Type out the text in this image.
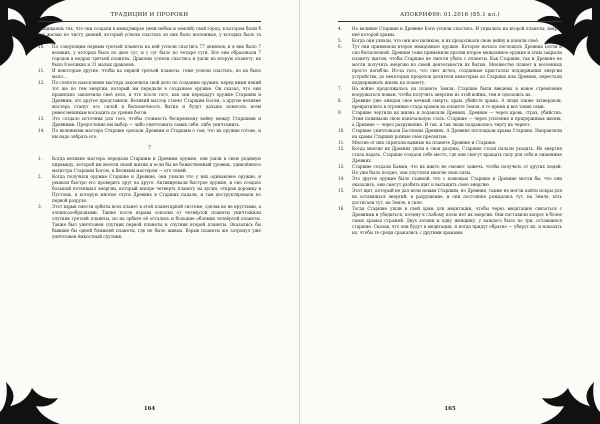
ТРАДИЦИИ И ПРОРОКИ

защищаешь тех, что они создали в междумирье (меж небом и землёй) свой город, в котором были б тот желаю по чисту деяний, который успели спастись из них было вселенные, у которых было та луг.

10.	По следующим первым третьей планеты на ней успели спастись 77 демонов, и в них было 7 великих, у которых было по двое суг, и у суг было по четыре суги. Все они образовали 7 городов в недрах третьей планеты. Драконы успели спастись и ушли на вторую планету, их было 8 великих и 31 малых драконов.
11.	И некоторые другие, чтобы на первой третьей планеты, тоже успели спастись, но их было мало...
12.	По слепоте накопление мастера закончили свой дело по созданию оружия, перед ними некий тот же по тем энергии, который им передали в созданное оружие. Он сказал, что они правильно закончили своё дело, и что после того, как они передадут оружие Старшим и Древним, это другое представили. Великий мастер станет Старшим Богом, а другие великие мастера станут его силой в бесконечность бытия и будут дальше помогать всем ремесленникам восходить до уровня богов.
13.	Это создало источник для того, чтобы стоимость бескрепкому войну между Старшими и Древними. Предостение им выбор — либо уничтожить самих себя, либо уничтожить.
14.	По велениями мастера Старшие сделали Древним и Старшим о том, что их оружие готово, и им надо забрать его.
7
1.	Когда великие мастера передали Старшим и Древним оружие, они ушли в свою родимую пирамиду, которой им велели своей жизни и если бы не божественный уровень, удивлённого магистра Старшим Богом, и Великим мастером — его семей.
2.	Когда получили оружие Старшие и Древние, они узнали что у них одинаковое оружие, и решили быстро его проверить друг на друге. Активировали быстрое оружие, и оно создало большой потенциал энергии, который вскоре четверть планету на куски, открыв дорожку в Пустошь, в которую многие слуги Древних и Старших падали, и там деструктировали по первой разрухе.
3.	Этот взрыв смести орбиты всех планет в этой планетарной системе, сделав их не круглыми, а эллипсоообразными. Также после взрыва осколки от четвёртой планеты уничтожили спутник третьей планеты, но на орбите её остались и большие обломки четвёртой планеты. Также был уничтожен спутник первой планеты и спутник второй планеты. Оказались бы бывшие бы одной ближней планеты, где не было живых. Взрыв планеты же затронул уже уничтожен ёмкостный спутник.
164
АПОКРИФ99: 01.2016 (85.1 кл.)
4.	Но великие Старшие и Древние Боги успели спастись. И укрылись на второй планеты, вокруг неё которой храмы.
5.	Когда они узнали, что они все целиком, и их продолжали свою войну и поняли своё.
6.	Тут они применяли второе междомное оружие. Которое начало поглощать Древних Богов и сил бесполезной. Древние тоже применили против второе междомное оружие и этим закрыли планету щитом, чтобы Старшие не смогли убить с планеты. Как Старшие, так и Древние не могли получить энергию из своей деятельности их бытия. Множество планет и вселенных просто погибли. Из-за того, что свет исчез, созданные кристаллы поддержания энергии устройства, до некоторых пределов делители некоторые из Старших или Древних, перестали поддерживать жизнь на планету.
7.	На войне продолжалась на планете Земля, Старшие были введены в новое стремление вооружаться новым, чтобы получить энергию из этой войны, тем и сделались их.
8.	Древние уже ожидая свое вечный смерть, храм, убийств храма. А люди также затвердели, превратились в огромные стада храмов на планете Земля, в то время и все такие сами.
9.	Старшие чертили их жизнь и подавляли Древних. Древние — через кровь, страх, убийства. Этим пожимали свою изначальную стать: Старшие — через усиление и придерживая жизни, а Древние — через разрушение. И так, и так люди поддавались черту их чернот.
10.	Старшие уничтожали Бастионы Древних. А Древние поглощали храмы Старших. Направляли на храмы Старших разные свои пресвятые.
11.	Многие от них спрятали важные на планете Древние и Старшие.
12.	Когда многие их Древних ушли в свои разумы, Старшие стали начали уходить. Их энергия стала падать. Старшие создали себе место, где они смогут вращать силу для себя и лишенные Древних.
13.	Старшие создали Камни, что их никто не сможет зажечь, чтобы получить от других людей. Но уже было поздно, они упустили многие свои силы.
14.	Это другое оружие было главной, что с помощью Старшие и Древние могли бы, что они оказались, они смогут разбить щит и вытащить свою энергию.
15.	Этот щит, который не дал всем новым Старшим, но Древние, также не могли найти искры для их оставшихся энергий, в разрушение, и они постоянно рождались тут, на Земле, хоть достигали тут, на Земле, в силе.
16.	Тогда Старшие ушли в свой храм для медитации, чтобы через медитацию связаться с Древними и убедиться, почему к слабому полю нет их энергии. Они поставили вопрос в более своих храмах стражей. Двух хозяин и одну женщину, у каждого было по три, оставшиеся старшие. Сказав, что они будут в медитации, и когда придут обратно — уберут их, и наказать их, чтобы те среди сражались с другими храмами.
165
